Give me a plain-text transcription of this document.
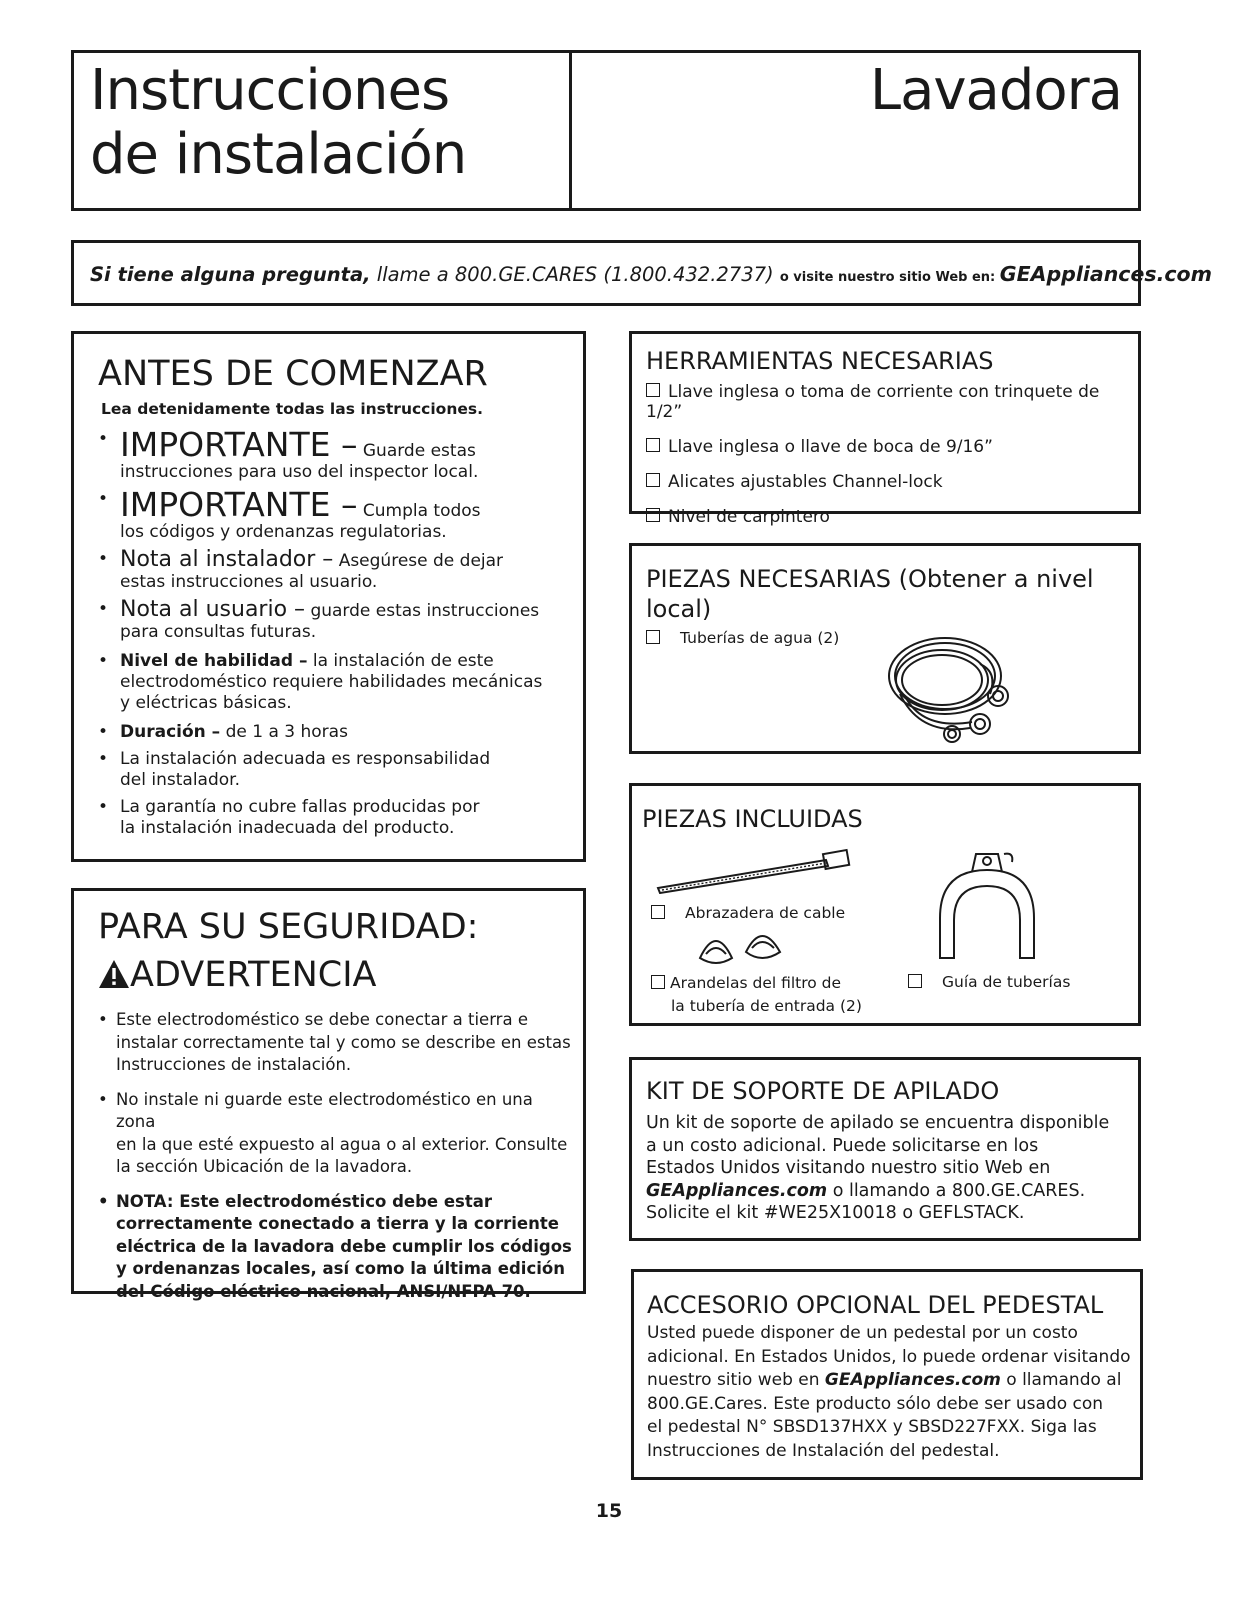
Instrucciones

de instalación

Lavadora

Si tiene alguna pregunta, llame a 800.GE.CARES (1.800.432.2737) o visite nuestro sitio Web en: GEAppliances.com

ANTES DE COMENZAR

Lea detenidamente todas las instrucciones.

• IMPORTANTE – Guarde estas
instrucciones para uso del inspector local.
• IMPORTANTE – Cumpla todos
los códigos y ordenanzas regulatorias.
• Nota al instalador – Asegúrese de dejar
estas instrucciones al usuario.
• Nota al usuario – guarde estas instrucciones
para consultas futuras.
• Nivel de habilidad – la instalación de este
electrodoméstico requiere habilidades mecánicas
y eléctricas básicas.
• Duración – de 1 a 3 horas
• La instalación adecuada es responsabilidad
del instalador.
• La garantía no cubre fallas producidas por
la instalación inadecuada del producto.

PARA SU SEGURIDAD:

ADVERTENCIA
• Este electrodoméstico se debe conectar a tierra e
instalar correctamente tal y como se describe en estas
Instrucciones de instalación.
• No instale ni guarde este electrodoméstico en una zona
en la que esté expuesto al agua o al exterior. Consulte
la sección Ubicación de la lavadora.
• NOTA: Este electrodoméstico debe estar
correctamente conectado a tierra y la corriente
eléctrica de la lavadora debe cumplir los códigos
y ordenanzas locales, así como la última edición
del Código eléctrico nacional, ANSI/NFPA 70.

HERRAMIENTAS NECESARIAS

Llave inglesa o toma de corriente con trinquete de 1/2”

Llave inglesa o llave de boca de 9/16”

Alicates ajustables Channel-lock

Nivel de carpintero

PIEZAS NECESARIAS (Obtener a nivel

local)

Tuberías de agua (2)

PIEZAS INCLUIDAS

Abrazadera de cable

Arandelas del filtro de
la tubería de entrada (2)

Guía de tuberías

KIT DE SOPORTE DE APILADO

Un kit de soporte de apilado se encuentra disponible
a un costo adicional. Puede solicitarse en los
Estados Unidos visitando nuestro sitio Web en
GEAppliances.com o llamando a 800.GE.CARES.
Solicite el kit #WE25X10018 o GEFLSTACK.

ACCESORIO OPCIONAL DEL PEDESTAL

Usted puede disponer de un pedestal por un costo
adicional. En Estados Unidos, lo puede ordenar visitando
nuestro sitio web en GEAppliances.com o llamando al
800.GE.Cares. Este producto sólo debe ser usado con
el pedestal N° SBSD137HXX y SBSD227FXX. Siga las
Instrucciones de Instalación del pedestal.

15
